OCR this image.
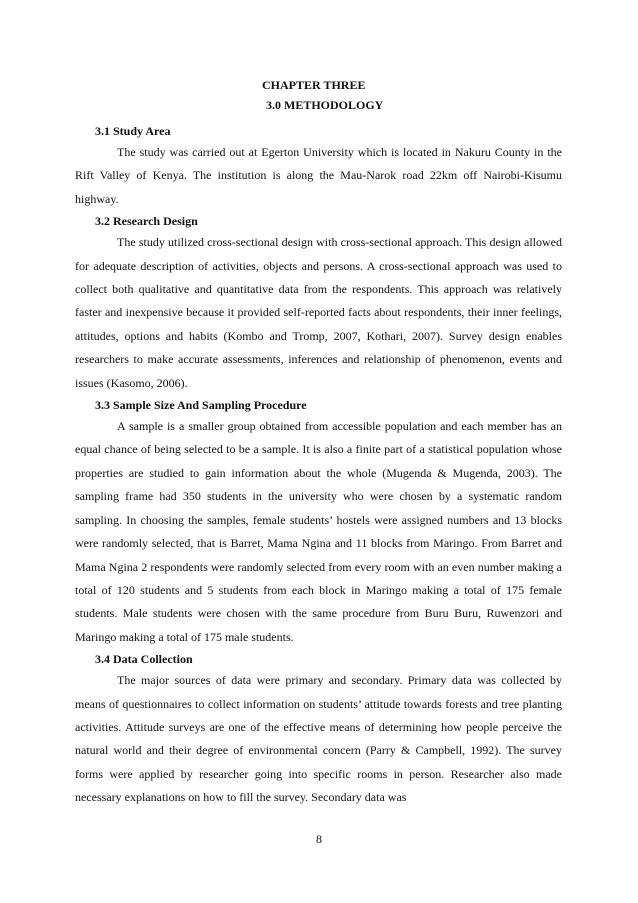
CHAPTER THREE
3.0 METHODOLOGY
3.1 Study Area

The study was carried out at Egerton University which is located in Nakuru County in the Rift Valley of Kenya. The institution is along the Mau-Narok road 22km off Nairobi-Kisumu highway.

3.2 Research Design

The study utilized cross-sectional design with cross-sectional approach. This design allowed for adequate description of activities, objects and persons. A cross-sectional approach was used to collect both qualitative and quantitative data from the respondents. This approach was relatively faster and inexpensive because it provided self-reported facts about respondents, their inner feelings, attitudes, options and habits (Kombo and Tromp, 2007, Kothari, 2007). Survey design enables researchers to make accurate assessments, inferences and relationship of phenomenon, events and issues (Kasomo, 2006).

3.3 Sample Size And Sampling Procedure

A sample is a smaller group obtained from accessible population and each member has an equal chance of being selected to be a sample. It is also a finite part of a statistical population whose properties are studied to gain information about the whole (Mugenda & Mugenda, 2003). The sampling frame had 350 students in the university who were chosen by a systematic random sampling. In choosing the samples, female students’ hostels were assigned numbers and 13 blocks were randomly selected, that is Barret, Mama Ngina and 11 blocks from Maringo. From Barret and Mama Ngina 2 respondents were randomly selected from every room with an even number making a total of 120 students and 5 students from each block in Maringo making a total of 175 female students. Male students were chosen with the same procedure from Buru Buru, Ruwenzori and Maringo making a total of 175 male students.

3.4 Data Collection

The major sources of data were primary and secondary. Primary data was collected by means of questionnaires to collect information on students’ attitude towards forests and tree planting activities. Attitude surveys are one of the effective means of determining how people perceive the natural world and their degree of environmental concern (Parry & Campbell, 1992). The survey forms were applied by researcher going into specific rooms in person. Researcher also made necessary explanations on how to fill the survey. Secondary data was

8
